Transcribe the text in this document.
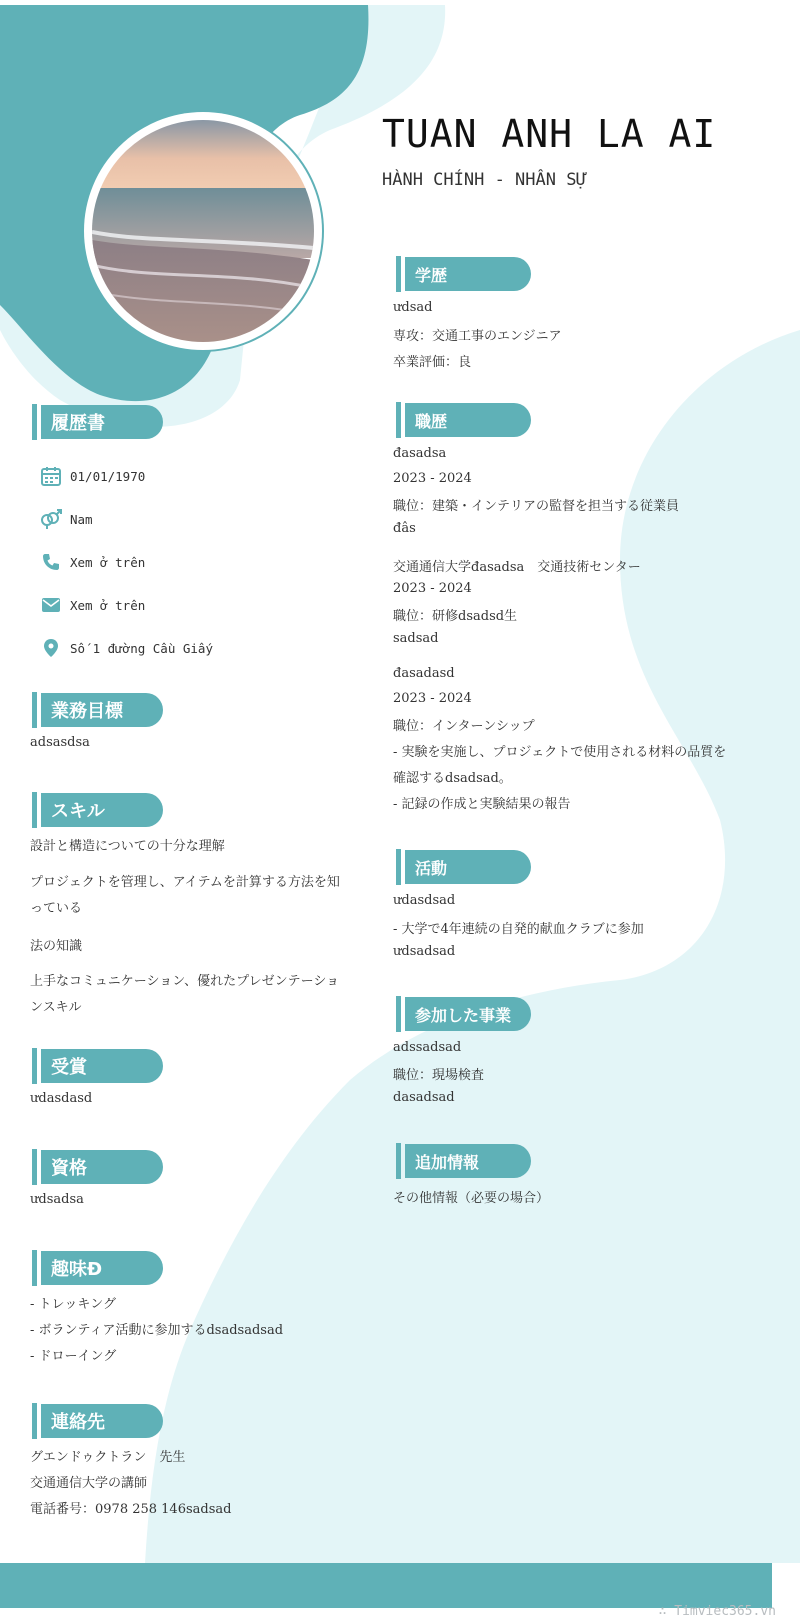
TUAN ANH LA AI
HÀNH CHÍNH - NHÂN SỰ
履歴書
01/01/1970
Nam
Xem ở trên
Xem ở trên
Số 1 đường Cầu Giấy
業務目標
adsasdsa
スキル
設計と構造についての十分な理解
プロジェクトを管理し、アイテムを計算する方法を知っている
法の知識
上手なコミュニケーション、優れたプレゼンテーションスキル
受賞
ưdasdasd
資格
ưdsadsa
趣味Đ
- トレッキング
- ボランティア活動に参加するdsadsadsad
- ドローイング
連絡先
グエンドゥクトラン　先生
交通通信大学の講師
電話番号：0978 258 146sadsad
学歴
ưdsad
専攻：交通工事のエンジニア
卒業評価：良
職歴
đasadsa
2023 - 2024
職位：建築・インテリアの監督を担当する従業員
đâs
交通通信大学đasadsa　交通技術センター
2023 - 2024
職位：研修dsadsd生
sadsad
đasadasd
2023 - 2024
職位：インターンシップ
- 実験を実施し、プロジェクトで使用される材料の品質を
確認するdsadsad。
- 記録の作成と実験結果の報告
活動
ưdasdsad
- 大学で4年連続の自発的献血クラブに参加
ưdsadsad
参加した事業
adssadsad
職位：現場検査
dasadsad
追加情報
その他情報（必要の場合）
∴ Timviec365.vn
